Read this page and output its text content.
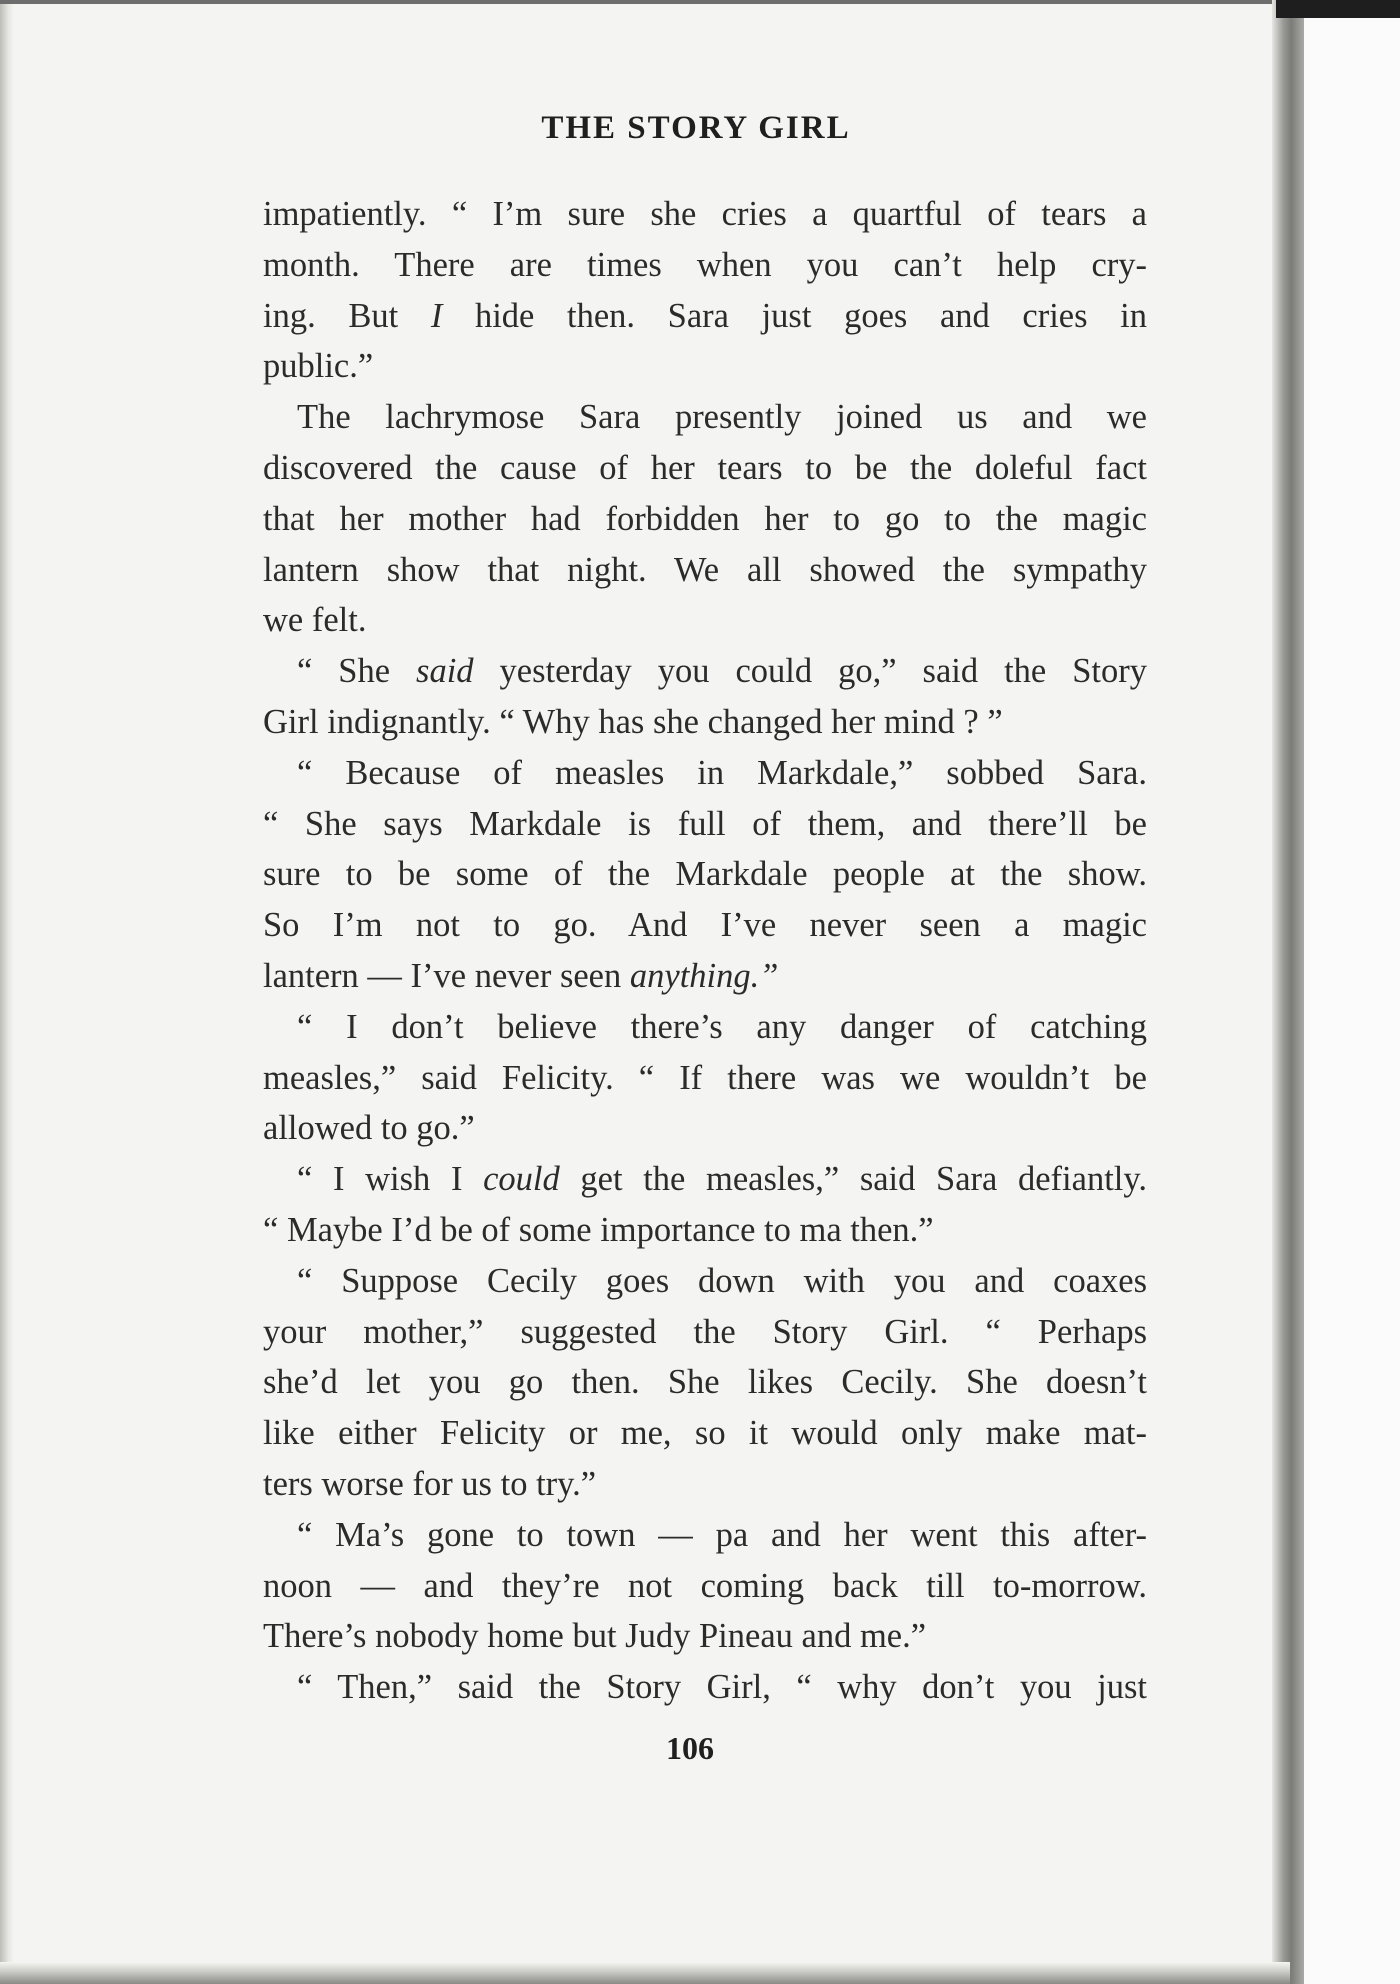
THE STORY GIRL
impatiently. “ I’m sure she cries a quartful of tears a
month. There are times when you can’t help cry-
ing. But I hide then. Sara just goes and cries in
public.”
The lachrymose Sara presently joined us and we
discovered the cause of her tears to be the doleful fact
that her mother had forbidden her to go to the magic
lantern show that night. We all showed the sympathy
we felt.
“ She said yesterday you could go,” said the Story
Girl indignantly. “ Why has she changed her mind ? ”
“ Because of measles in Markdale,” sobbed Sara.
“ She says Markdale is full of them, and there’ll be
sure to be some of the Markdale people at the show.
So I’m not to go. And I’ve never seen a magic
lantern — I’ve never seen anything.”
“ I don’t believe there’s any danger of catching
measles,” said Felicity. “ If there was we wouldn’t be
allowed to go.”
“ I wish I could get the measles,” said Sara defiantly.
“ Maybe I’d be of some importance to ma then.”
“ Suppose Cecily goes down with you and coaxes
your mother,” suggested the Story Girl. “ Perhaps
she’d let you go then. She likes Cecily. She doesn’t
like either Felicity or me, so it would only make mat-
ters worse for us to try.”
“ Ma’s gone to town — pa and her went this after-
noon — and they’re not coming back till to-morrow.
There’s nobody home but Judy Pineau and me.”
“ Then,” said the Story Girl, “ why don’t you just
106
